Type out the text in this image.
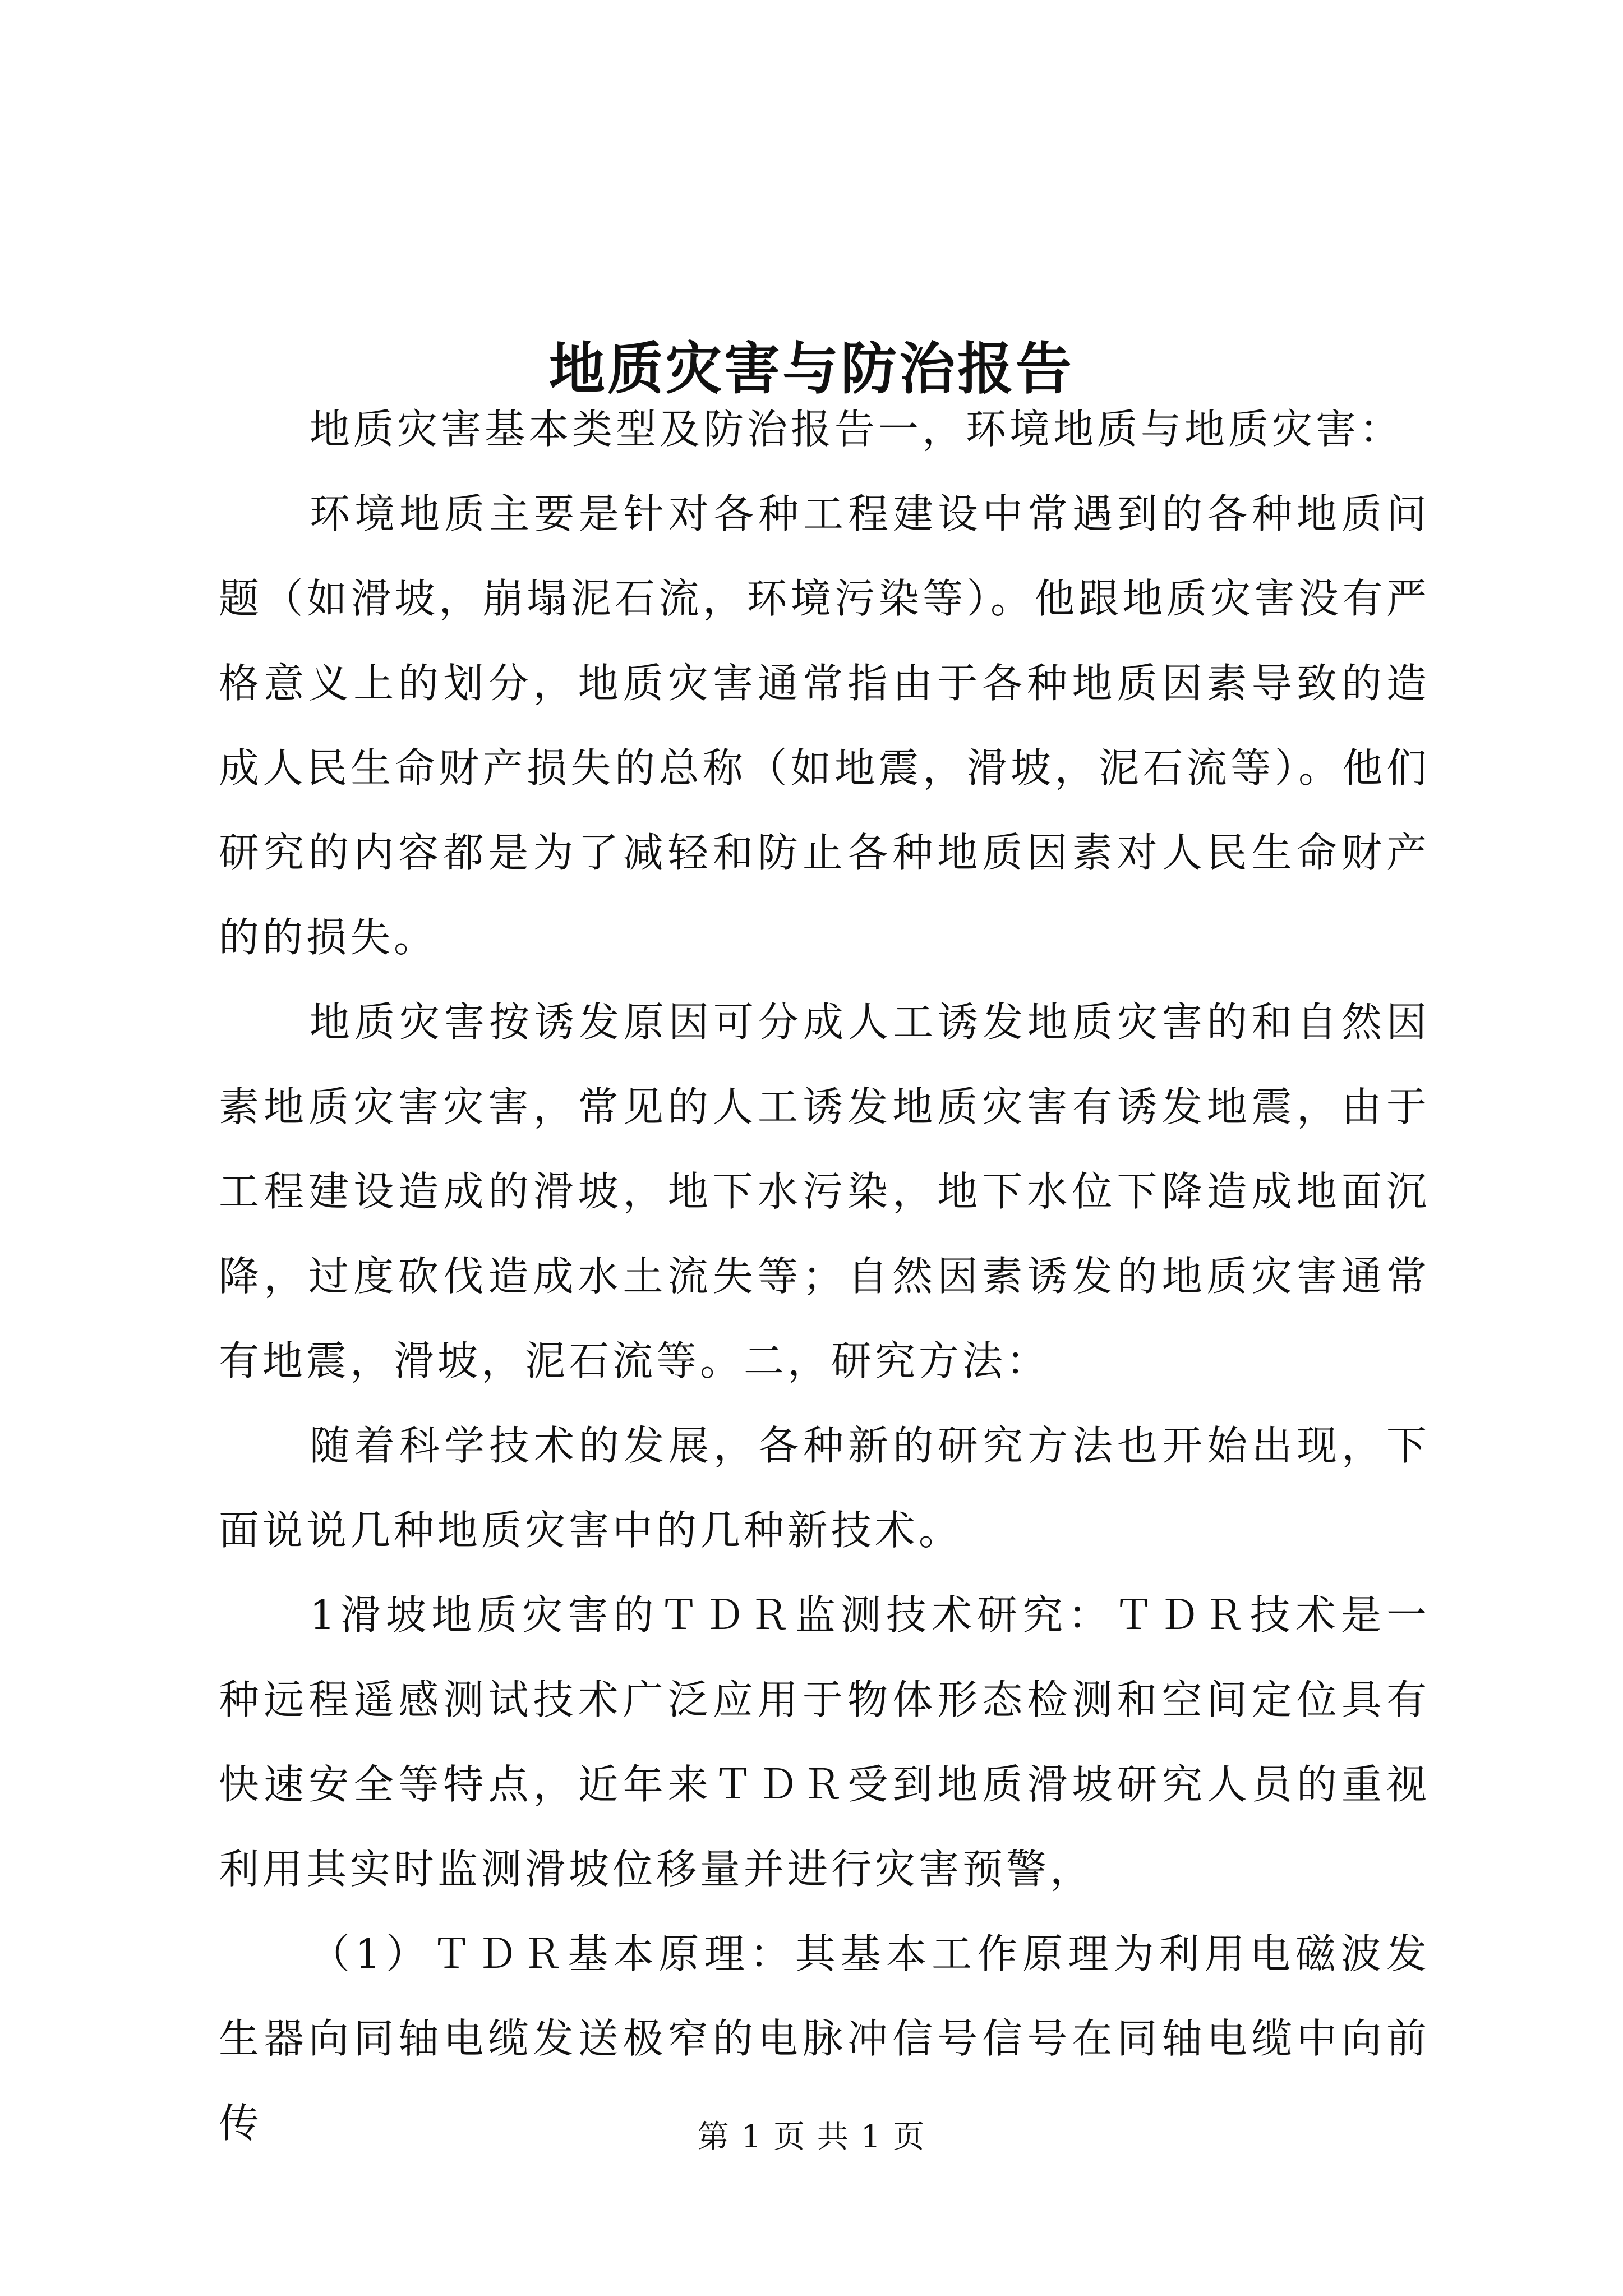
地质灾害与防治报告

地质灾害基本类型及防治报告一，环境地质与地质灾害：

环境地质主要是针对各种工程建设中常遇到的各种地质问题（如滑坡，崩塌泥石流，环境污染等）。他跟地质灾害没有严格意义上的划分，地质灾害通常指由于各种地质因素导致的造成人民生命财产损失的总称（如地震，滑坡，泥石流等）。他们研究的内容都是为了减轻和防止各种地质因素对人民生命财产的的损失。

地质灾害按诱发原因可分成人工诱发地质灾害的和自然因素地质灾害灾害，常见的人工诱发地质灾害有诱发地震，由于工程建设造成的滑坡，地下水污染，地下水位下降造成地面沉降，过度砍伐造成水土流失等；自然因素诱发的地质灾害通常有地震，滑坡，泥石流等。二，研究方法：

随着科学技术的发展，各种新的研究方法也开始出现，下面说说几种地质灾害中的几种新技术。

1滑坡地质灾害的ＴＤＲ监测技术研究：ＴＤＲ技术是一种远程遥感测试技术广泛应用于物体形态检测和空间定位具有快速安全等特点，近年来ＴＤＲ受到地质滑坡研究人员的重视利用其实时监测滑坡位移量并进行灾害预警，

（1）ＴＤＲ基本原理：其基本工作原理为利用电磁波发生器向同轴电缆发送极窄的电脉冲信号信号在同轴电缆中向前传	第 1 页 共 1 页
